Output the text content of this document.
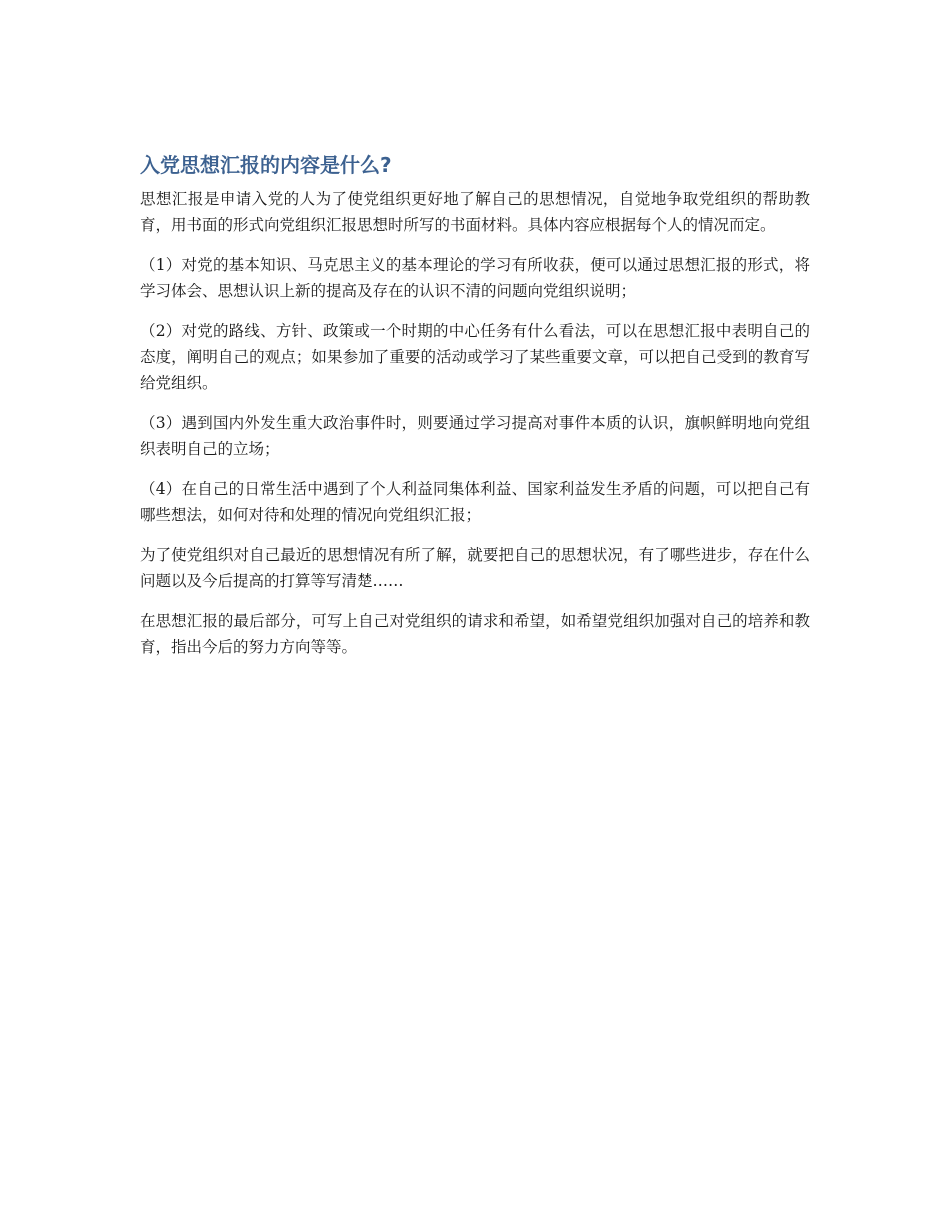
入党思想汇报的内容是什么?

思想汇报是申请入党的人为了使党组织更好地了解自己的思想情况，自觉地争取党组织的帮助教育，用书面的形式向党组织汇报思想时所写的书面材料。具体内容应根据每个人的情况而定。

（1）对党的基本知识、马克思主义的基本理论的学习有所收获，便可以通过思想汇报的形式，将学习体会、思想认识上新的提高及存在的认识不清的问题向党组织说明；

（2）对党的路线、方针、政策或一个时期的中心任务有什么看法，可以在思想汇报中表明自己的态度，阐明自己的观点；如果参加了重要的活动或学习了某些重要文章，可以把自己受到的教育写给党组织。

（3）遇到国内外发生重大政治事件时，则要通过学习提高对事件本质的认识，旗帜鲜明地向党组织表明自己的立场；

（4）在自己的日常生活中遇到了个人利益同集体利益、国家利益发生矛盾的问题，可以把自己有哪些想法，如何对待和处理的情况向党组织汇报；

为了使党组织对自己最近的思想情况有所了解，就要把自己的思想状况，有了哪些进步，存在什么问题以及今后提高的打算等写清楚……

在思想汇报的最后部分，可写上自己对党组织的请求和希望，如希望党组织加强对自己的培养和教育，指出今后的努力方向等等。
